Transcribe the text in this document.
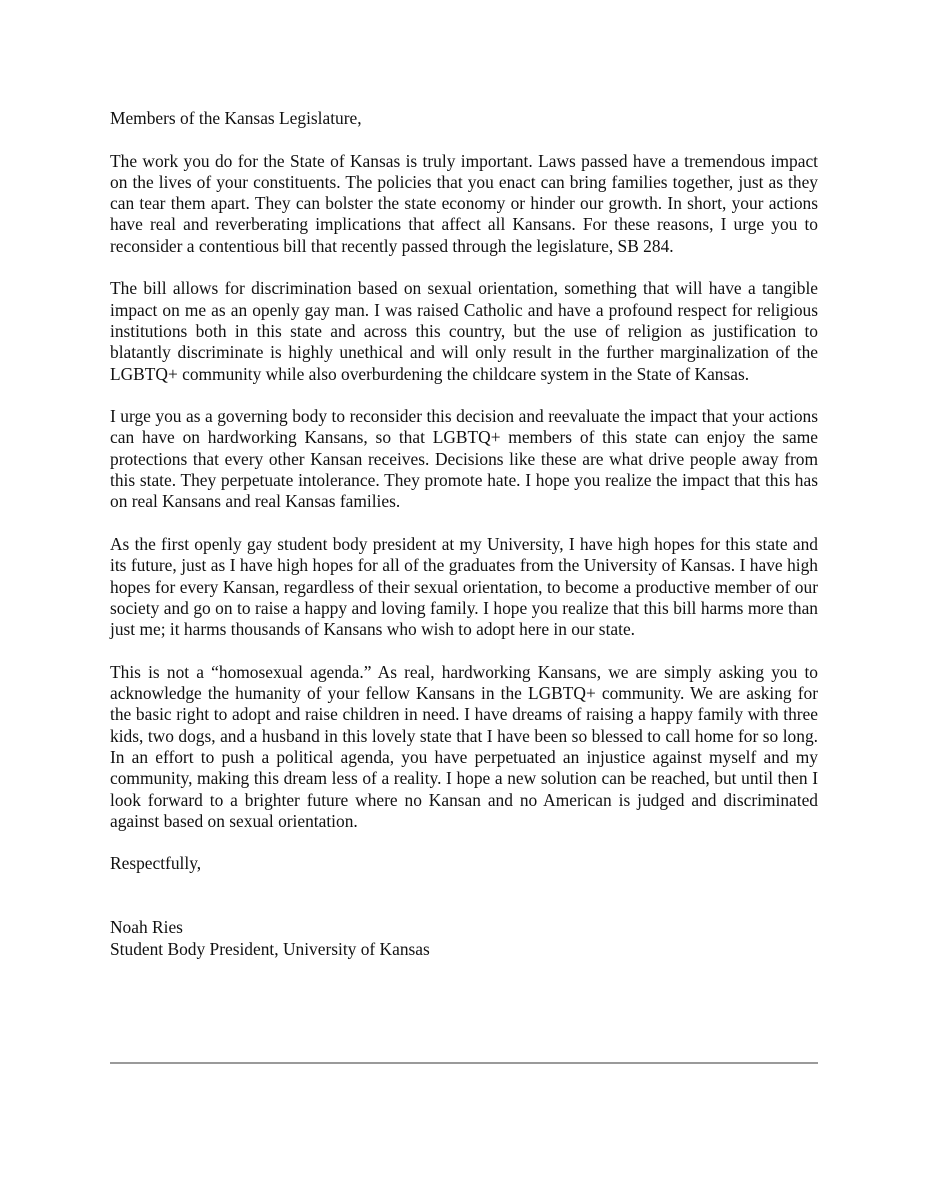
Members of the Kansas Legislature,

The work you do for the State of Kansas is truly important. Laws passed have a tremendous impact on the lives of your constituents. The policies that you enact can bring families together, just as they can tear them apart. They can bolster the state economy or hinder our growth. In short, your actions have real and reverberating implications that affect all Kansans. For these reasons, I urge you to reconsider a contentious bill that recently passed through the legislature, SB 284.

The bill allows for discrimination based on sexual orientation, something that will have a tangible impact on me as an openly gay man. I was raised Catholic and have a profound respect for religious institutions both in this state and across this country, but the use of religion as justification to blatantly discriminate is highly unethical and will only result in the further marginalization of the LGBTQ+ community while also overburdening the childcare system in the State of Kansas.

I urge you as a governing body to reconsider this decision and reevaluate the impact that your actions can have on hardworking Kansans, so that LGBTQ+ members of this state can enjoy the same protections that every other Kansan receives. Decisions like these are what drive people away from this state. They perpetuate intolerance. They promote hate. I hope you realize the impact that this has on real Kansans and real Kansas families.

As the first openly gay student body president at my University, I have high hopes for this state and its future, just as I have high hopes for all of the graduates from the University of Kansas. I have high hopes for every Kansan, regardless of their sexual orientation, to become a productive member of our society and go on to raise a happy and loving family. I hope you realize that this bill harms more than just me; it harms thousands of Kansans who wish to adopt here in our state.

This is not a “homosexual agenda.” As real, hardworking Kansans, we are simply asking you to acknowledge the humanity of your fellow Kansans in the LGBTQ+ community. We are asking for the basic right to adopt and raise children in need. I have dreams of raising a happy family with three kids, two dogs, and a husband in this lovely state that I have been so blessed to call home for so long. In an effort to push a political agenda, you have perpetuated an injustice against myself and my community, making this dream less of a reality. I hope a new solution can be reached, but until then I look forward to a brighter future where no Kansan and no American is judged and discriminated against based on sexual orientation.

Respectfully,

Noah Ries

Student Body President, University of Kansas
